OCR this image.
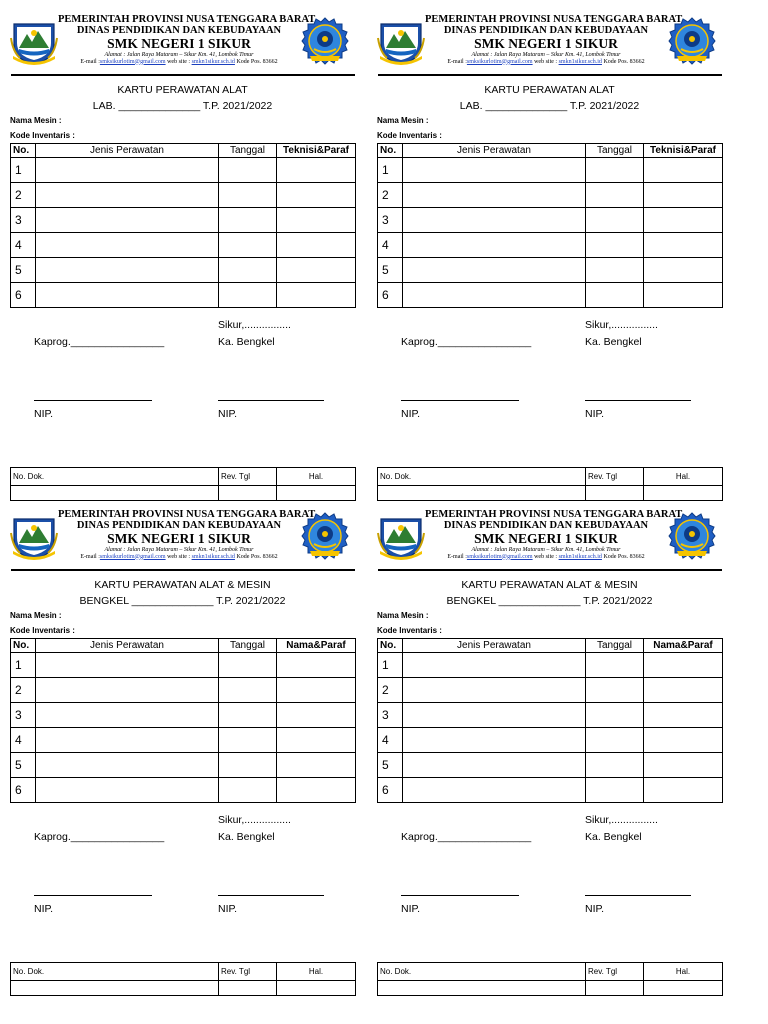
PEMERINTAH PROVINSI NUSA TENGGARA BARAT
DINAS PENDIDIKAN DAN KEBUDAYAAN
SMK NEGERI 1 SIKUR
Alamat : Jalan Raya Mataram – Sikur Km. 41, Lombok Timur
E-mail :smksikurlotim@gmail.com web site : smkn1sikur.sch.id Kode Pos. 83662
KARTU PERAWATAN ALAT
LAB. ______________ T.P. 2021/2022
Nama Mesin :
Kode Inventaris :
No.	Jenis Perawatan	Tanggal	Teknisi&Paraf
1			
2			
3			
4			
5			
6			
Sikur,................
Kaprog.________________	Ka. Bengkel
NIP.	NIP.
No. Dok.	Rev. Tgl	Hal.

PEMERINTAH PROVINSI NUSA TENGGARA BARAT
DINAS PENDIDIKAN DAN KEBUDAYAAN
SMK NEGERI 1 SIKUR
Alamat : Jalan Raya Mataram – Sikur Km. 41, Lombok Timur
E-mail :smksikurlotim@gmail.com web site : smkn1sikur.sch.id Kode Pos. 83662
KARTU PERAWATAN ALAT
LAB. ______________ T.P. 2021/2022
Nama Mesin :
Kode Inventaris :
No.	Jenis Perawatan	Tanggal	Teknisi&Paraf
1			
2			
3			
4			
5			
6			
Sikur,................
Kaprog.________________	Ka. Bengkel
NIP.	NIP.
No. Dok.	Rev. Tgl	Hal.

PEMERINTAH PROVINSI NUSA TENGGARA BARAT
DINAS PENDIDIKAN DAN KEBUDAYAAN
SMK NEGERI 1 SIKUR
Alamat : Jalan Raya Mataram – Sikur Km. 41, Lombok Timur
E-mail :smksikurlotim@gmail.com web site : smkn1sikur.sch.id Kode Pos. 83662
KARTU PERAWATAN ALAT & MESIN
BENGKEL ______________ T.P. 2021/2022
Nama Mesin :
Kode Inventaris :
No.	Jenis Perawatan	Tanggal	Nama&Paraf
1			
2			
3			
4			
5			
6			
Sikur,................
Kaprog.________________	Ka. Bengkel
NIP.	NIP.
No. Dok.	Rev. Tgl	Hal.

PEMERINTAH PROVINSI NUSA TENGGARA BARAT
DINAS PENDIDIKAN DAN KEBUDAYAAN
SMK NEGERI 1 SIKUR
Alamat : Jalan Raya Mataram – Sikur Km. 41, Lombok Timur
E-mail :smksikurlotim@gmail.com web site : smkn1sikur.sch.id Kode Pos. 83662
KARTU PERAWATAN ALAT & MESIN
BENGKEL ______________ T.P. 2021/2022
Nama Mesin :
Kode Inventaris :
No.	Jenis Perawatan	Tanggal	Nama&Paraf
1			
2			
3			
4			
5			
6			
Sikur,................
Kaprog.________________	Ka. Bengkel
NIP.	NIP.
No. Dok.	Rev. Tgl	Hal.
